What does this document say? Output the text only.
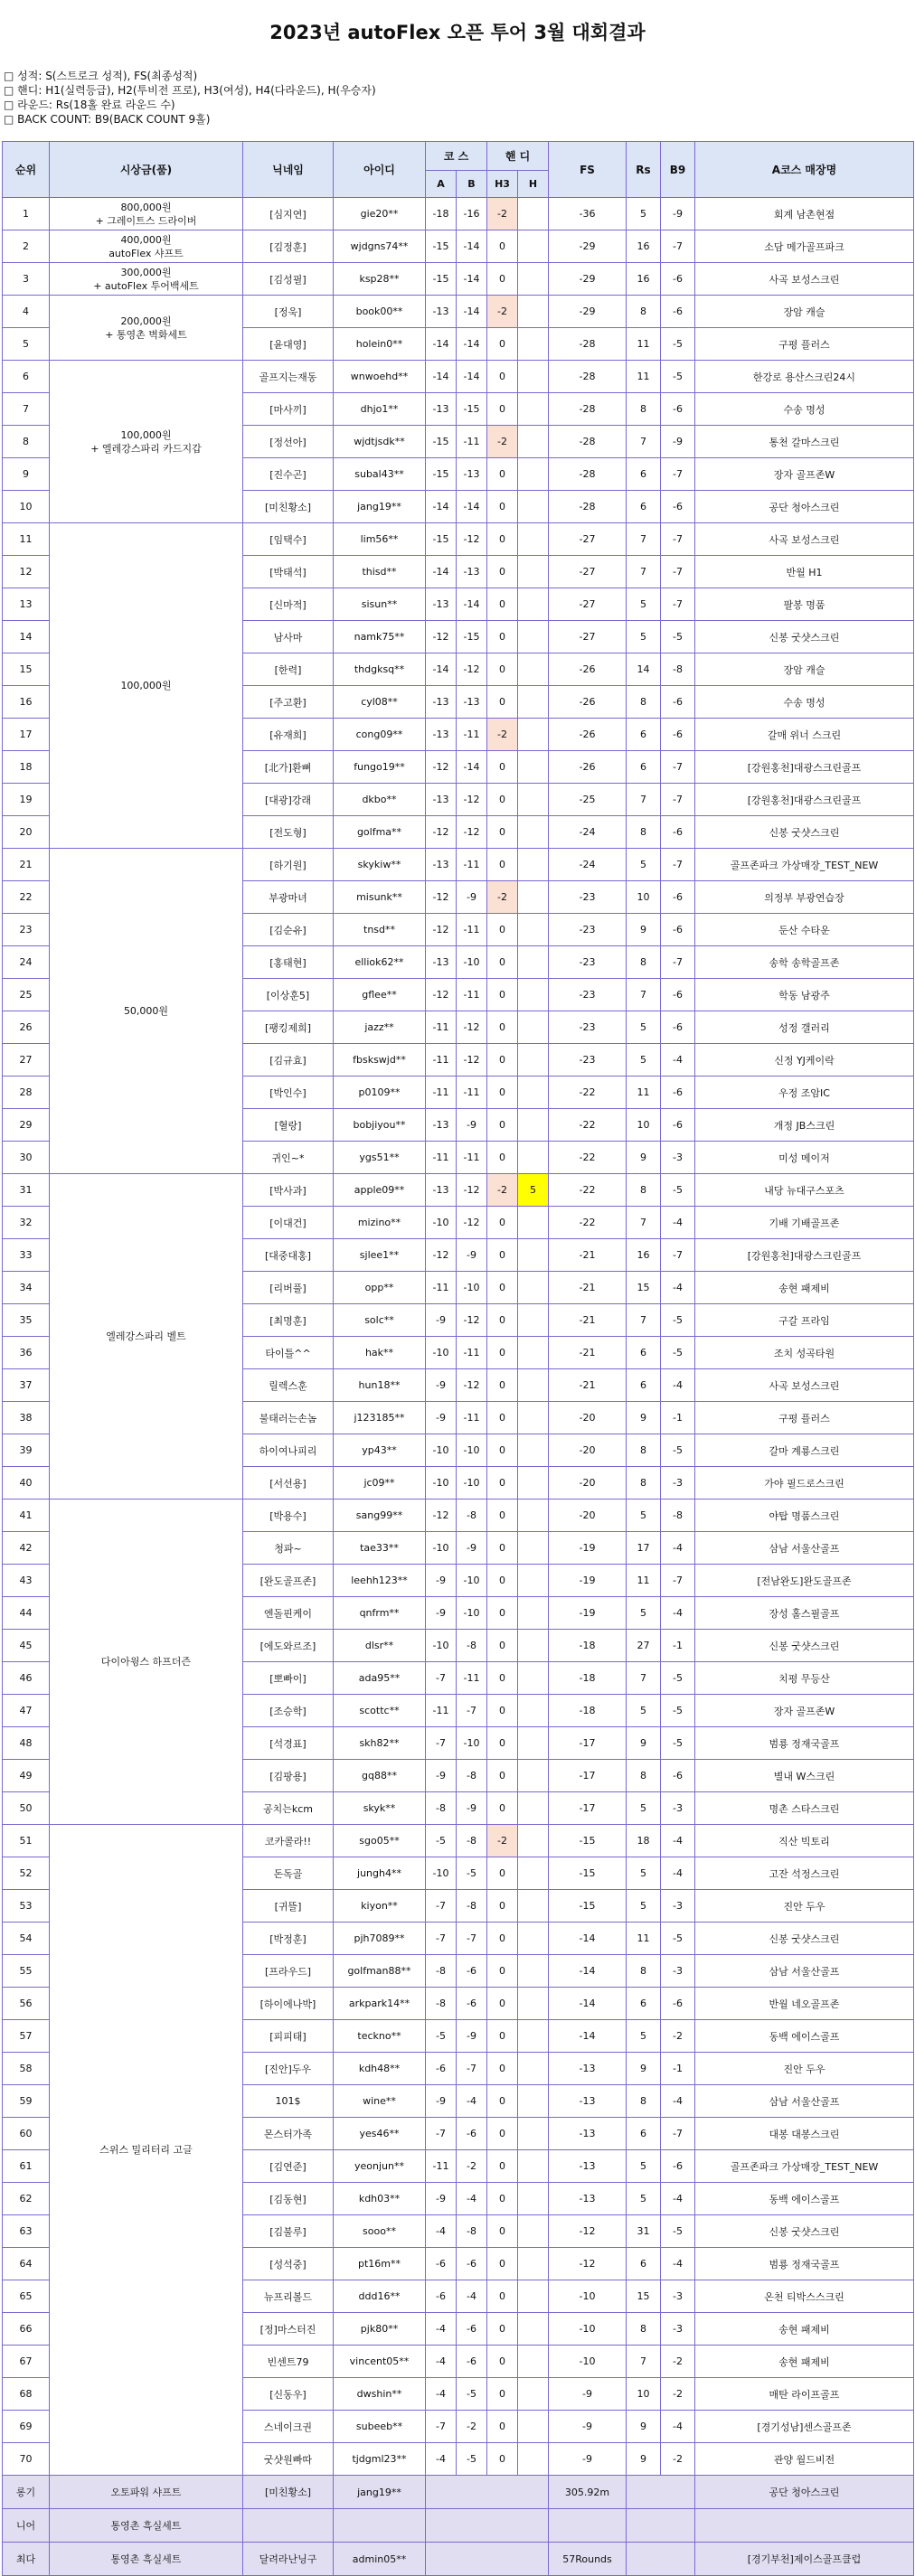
2023년 autoFlex 오픈 투어 3월 대회결과

□ 성적: S(스트로크 성적), FS(최종성적)

□ 핸디: H1(실력등급), H2(투비전 프로), H3(여성), H4(다라운드), H(우승자)

□ 라운드: Rs(18홀 완료 라운드 수)

□ BACK COUNT: B9(BACK COUNT 9홀)

순위	시상금(품)	닉네임	아이디	코 스		핸 디		FS	Rs	B9	A코스 매장명
				A	B	H3	H				
1	800,000원
+ 그레이트스 드라이버	[심지연]	gie20**	-18	-16	-2		-36	5	-9	회계 남촌현점
2	400,000원
autoFlex 샤프트	[김정훈]	wjdgns74**	-15	-14	0		-29	16	-7	소담 메가골프파크
3	300,000원
+ autoFlex 투어백세트	[김성필]	ksp28**	-15	-14	0		-29	16	-6	사곡 보성스크린
4	200,000원
+ 통영촌 벽화세트	[정욱]	book00**	-13	-14	-2		-29	8	-6	장암 캐슬
5		[윤대영]	holein0**	-14	-14	0		-28	11	-5	구평 플러스
6	100,000원
+ 엘레강스파리 카드지갑	골프지는재동	wnwoehd**	-14	-14	0		-28	11	-5	한강로 용산스크린24시
7		[마사끼]	dhjo1**	-13	-15	0		-28	8	-6	수송 명성
8		[정선아]	wjdtjsdk**	-15	-11	-2		-28	7	-9	통천 갈마스크린
9		[진수곤]	subal43**	-15	-13	0		-28	6	-7	장자 골프존W
10		[미친황소]	jang19**	-14	-14	0		-28	6	-6	공단 청아스크린
11	100,000원	[임택수]	lim56**	-15	-12	0		-27	7	-7	사곡 보성스크린
12		[박태석]	thisd**	-14	-13	0		-27	7	-7	반월 H1
13		[신마적]	sisun**	-13	-14	0		-27	5	-7	팔봉 명품
14		남사마	namk75**	-12	-15	0		-27	5	-5	신봉 굿샷스크린
15		[한력]	thdgksq**	-14	-12	0		-26	14	-8	장암 캐슬
16		[주고환]	cyl08**	-13	-13	0		-26	8	-6	수송 명성
17		[유재희]	cong09**	-13	-11	-2		-26	6	-6	갈매 위너 스크린
18		[北가]환뼈	fungo19**	-12	-14	0		-26	6	-7	[강원홍천]대광스크린골프
19		[대광]강래	dkbo**	-13	-12	0		-25	7	-7	[강원홍천]대광스크린골프
20		[전도형]	golfma**	-12	-12	0		-24	8	-6	신봉 굿샷스크린
21	50,000원	[하기원]	skykiw**	-13	-11	0		-24	5	-7	골프존파크 가상매장_TEST_NEW
22		부광마녀	misunk**	-12	-9	-2		-23	10	-6	의정부 부광연습장
23		[김순유]	tnsd**	-12	-11	0		-23	9	-6	둔산 수타운
24		[홍태현]	elliok62**	-13	-10	0		-23	8	-7	송학 송학골프존
25		[이상훈5]	gflee**	-12	-11	0		-23	7	-6	학동 남광주
26		[팽킹제희]	jazz**	-11	-12	0		-23	5	-6	성정 갤러리
27		[김규효]	fbskswjd**	-11	-12	0		-23	5	-4	신정 YJ케이락
28		[박인수]	p0109**	-11	-11	0		-22	11	-6	우정 조암IC
29		[혈랑]	bobjiyou**	-13	-9	0		-22	10	-6	개정 JB스크린
30		귀인~*	ygs51**	-11	-11	0		-22	9	-3	미성 메이저
31	엘레강스파리 벨트	[박사과]	apple09**	-13	-12	-2	5	-22	8	-5	내당 뉴대구스포츠
32		[이대건]	mizino**	-10	-12	0		-22	7	-4	기배 기배골프존
33		[대중대홍]	sjlee1**	-12	-9	0		-21	16	-7	[강원홍천]대광스크린골프
34		[리버풀]	opp**	-11	-10	0		-21	15	-4	송현 패제비
35		[최명훈]	solc**	-9	-12	0		-21	7	-5	구갈 프라임
36		타이틀^^	hak**	-10	-11	0		-21	6	-5	조치 성곡타원
37		릴렉스훈	hun18**	-9	-12	0		-21	6	-4	사곡 보성스크린
38		불태러는손놈	j123185**	-9	-11	0		-20	9	-1	구평 플러스
39		하이여나피리	yp43**	-10	-10	0		-20	8	-5	갈마 계룡스크린
40		[서선용]	jc09**	-10	-10	0		-20	8	-3	가야 필드로스크린
41	다이아윙스 하프더즌	[박용수]	sang99**	-12	-8	0		-20	5	-8	야탑 명품스크린
42		청파~	tae33**	-10	-9	0		-19	17	-4	삼남 서울산골프
43		[완도골프존]	leehh123**	-9	-10	0		-19	11	-7	[전남완도]완도골프존
44		엔돌핀케이	qnfrm**	-9	-10	0		-19	5	-4	장성 홀스필골프
45		[에도와르조]	dlsr**	-10	-8	0		-18	27	-1	신봉 굿샷스크린
46		[뽀빠이]	ada95**	-7	-11	0		-18	7	-5	치평 무등산
47		[조승학]	scottc**	-11	-7	0		-18	5	-5	장자 골프존W
48		[석경표]	skh82**	-7	-10	0		-17	9	-5	범룡 정재국골프
49		[김팡용]	gq88**	-9	-8	0		-17	8	-6	별내 W스크린
50		공치는kcm	skyk**	-8	-9	0		-17	5	-3	명촌 스타스크린
51	스위스 밀리터리 고글	코카콜라!!	sgo05**	-5	-8	-2		-15	18	-4	직산 빅토리
52		돈독골	jungh4**	-10	-5	0		-15	5	-4	고잔 석정스크린
53		[귀뜰]	kiyon**	-7	-8	0		-15	5	-3	진안 두우
54		[박정훈]	pjh7089**	-7	-7	0		-14	11	-5	신봉 굿샷스크린
55		[프라우드]	golfman88**	-8	-6	0		-14	8	-3	삼남 서울산골프
56		[하이에나박]	arkpark14**	-8	-6	0		-14	6	-6	반월 네오골프존
57		[피피태]	tecknо**	-5	-9	0		-14	5	-2	동백 에이스골프
58		[진안]두우	kdh48**	-6	-7	0		-13	9	-1	진안 두우
59		101$	wine**	-9	-4	0		-13	8	-4	삼남 서울산골프
60		몬스터가족	yes46**	-7	-6	0		-13	6	-7	대봉 대봉스크린
61		[김연준]	yeonjun**	-11	-2	0		-13	5	-6	골프존파크 가상매장_TEST_NEW
62		[김동현]	kdh03**	-9	-4	0		-13	5	-4	동백 에이스골프
63		[김불루]	sooo**	-4	-8	0		-12	31	-5	신봉 굿샷스크린
64		[성석중]	pt16m**	-6	-6	0		-12	6	-4	범룡 정재국골프
65		뉴프리볼드	ddd16**	-6	-4	0		-10	15	-3	온천 티박스스크린
66		[정]마스터진	pjk80**	-4	-6	0		-10	8	-3	송현 패제비
67		빈센트79	vincent05**	-4	-6	0		-10	7	-2	송현 패제비
68		[신동우]	dwshin**	-4	-5	0		-9	10	-2	매탄 라이프골프
69		스네이크권	subeeb**	-7	-2	0		-9	9	-4	[경기성남]센스골프존
70		굿샷원빠따	tjdgml23**	-4	-5	0		-9	9	-2	관양 월드비전
롱기	오토파워 샤프트	[미친황소]	jang19**					305.92m			공단 청아스크린
니어	통영촌 흑실세트										
최다	통영촌 흑실세트	달려라난닝구	admin05**					57Rounds			[경기부천]제이스골프클럽
